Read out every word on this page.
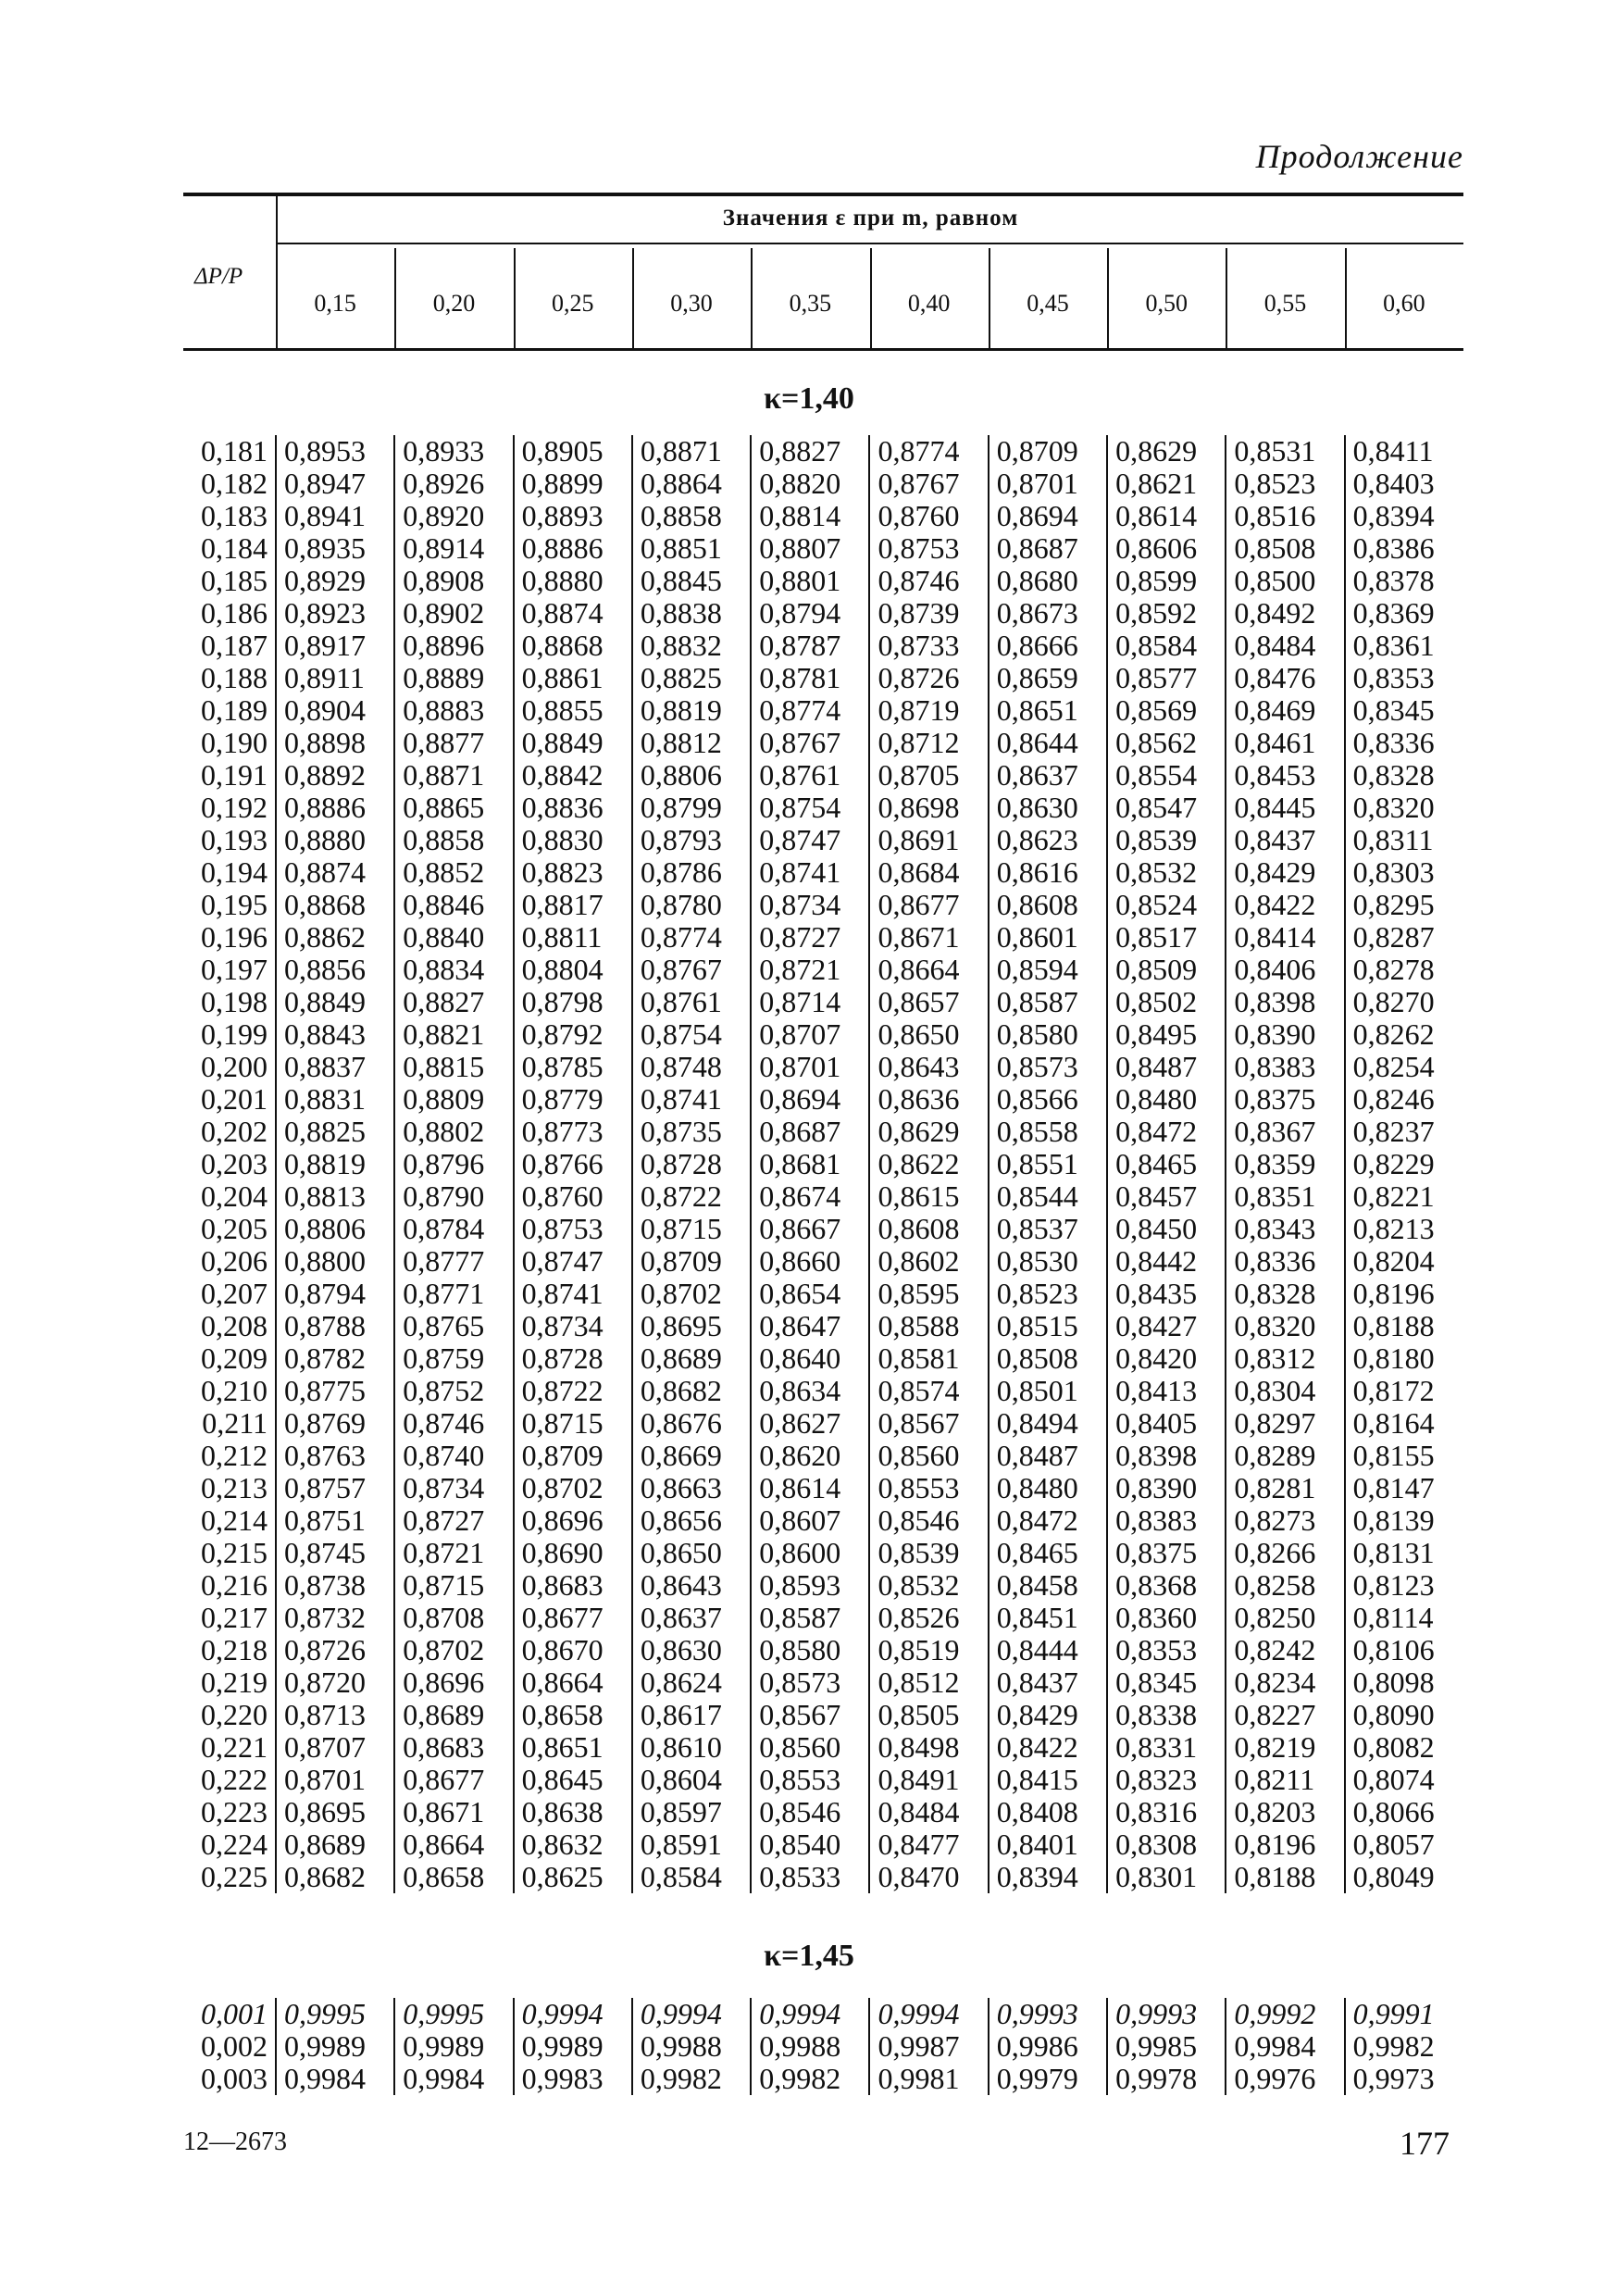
Продолжение
Значения ε при m, равном
ΔP/P
0,15	0,20	0,25	0,30	0,35	0,40	0,45	0,50	0,55	0,60
κ=1,40
0,181	0,8953	0,8933	0,8905	0,8871	0,8827	0,8774	0,8709	0,8629	0,8531	0,8411
0,182	0,8947	0,8926	0,8899	0,8864	0,8820	0,8767	0,8701	0,8621	0,8523	0,8403
0,183	0,8941	0,8920	0,8893	0,8858	0,8814	0,8760	0,8694	0,8614	0,8516	0,8394
0,184	0,8935	0,8914	0,8886	0,8851	0,8807	0,8753	0,8687	0,8606	0,8508	0,8386
0,185	0,8929	0,8908	0,8880	0,8845	0,8801	0,8746	0,8680	0,8599	0,8500	0,8378
0,186	0,8923	0,8902	0,8874	0,8838	0,8794	0,8739	0,8673	0,8592	0,8492	0,8369
0,187	0,8917	0,8896	0,8868	0,8832	0,8787	0,8733	0,8666	0,8584	0,8484	0,8361
0,188	0,8911	0,8889	0,8861	0,8825	0,8781	0,8726	0,8659	0,8577	0,8476	0,8353
0,189	0,8904	0,8883	0,8855	0,8819	0,8774	0,8719	0,8651	0,8569	0,8469	0,8345
0,190	0,8898	0,8877	0,8849	0,8812	0,8767	0,8712	0,8644	0,8562	0,8461	0,8336
0,191	0,8892	0,8871	0,8842	0,8806	0,8761	0,8705	0,8637	0,8554	0,8453	0,8328
0,192	0,8886	0,8865	0,8836	0,8799	0,8754	0,8698	0,8630	0,8547	0,8445	0,8320
0,193	0,8880	0,8858	0,8830	0,8793	0,8747	0,8691	0,8623	0,8539	0,8437	0,8311
0,194	0,8874	0,8852	0,8823	0,8786	0,8741	0,8684	0,8616	0,8532	0,8429	0,8303
0,195	0,8868	0,8846	0,8817	0,8780	0,8734	0,8677	0,8608	0,8524	0,8422	0,8295
0,196	0,8862	0,8840	0,8811	0,8774	0,8727	0,8671	0,8601	0,8517	0,8414	0,8287
0,197	0,8856	0,8834	0,8804	0,8767	0,8721	0,8664	0,8594	0,8509	0,8406	0,8278
0,198	0,8849	0,8827	0,8798	0,8761	0,8714	0,8657	0,8587	0,8502	0,8398	0,8270
0,199	0,8843	0,8821	0,8792	0,8754	0,8707	0,8650	0,8580	0,8495	0,8390	0,8262
0,200	0,8837	0,8815	0,8785	0,8748	0,8701	0,8643	0,8573	0,8487	0,8383	0,8254
0,201	0,8831	0,8809	0,8779	0,8741	0,8694	0,8636	0,8566	0,8480	0,8375	0,8246
0,202	0,8825	0,8802	0,8773	0,8735	0,8687	0,8629	0,8558	0,8472	0,8367	0,8237
0,203	0,8819	0,8796	0,8766	0,8728	0,8681	0,8622	0,8551	0,8465	0,8359	0,8229
0,204	0,8813	0,8790	0,8760	0,8722	0,8674	0,8615	0,8544	0,8457	0,8351	0,8221
0,205	0,8806	0,8784	0,8753	0,8715	0,8667	0,8608	0,8537	0,8450	0,8343	0,8213
0,206	0,8800	0,8777	0,8747	0,8709	0,8660	0,8602	0,8530	0,8442	0,8336	0,8204
0,207	0,8794	0,8771	0,8741	0,8702	0,8654	0,8595	0,8523	0,8435	0,8328	0,8196
0,208	0,8788	0,8765	0,8734	0,8695	0,8647	0,8588	0,8515	0,8427	0,8320	0,8188
0,209	0,8782	0,8759	0,8728	0,8689	0,8640	0,8581	0,8508	0,8420	0,8312	0,8180
0,210	0,8775	0,8752	0,8722	0,8682	0,8634	0,8574	0,8501	0,8413	0,8304	0,8172
0,211	0,8769	0,8746	0,8715	0,8676	0,8627	0,8567	0,8494	0,8405	0,8297	0,8164
0,212	0,8763	0,8740	0,8709	0,8669	0,8620	0,8560	0,8487	0,8398	0,8289	0,8155
0,213	0,8757	0,8734	0,8702	0,8663	0,8614	0,8553	0,8480	0,8390	0,8281	0,8147
0,214	0,8751	0,8727	0,8696	0,8656	0,8607	0,8546	0,8472	0,8383	0,8273	0,8139
0,215	0,8745	0,8721	0,8690	0,8650	0,8600	0,8539	0,8465	0,8375	0,8266	0,8131
0,216	0,8738	0,8715	0,8683	0,8643	0,8593	0,8532	0,8458	0,8368	0,8258	0,8123
0,217	0,8732	0,8708	0,8677	0,8637	0,8587	0,8526	0,8451	0,8360	0,8250	0,8114
0,218	0,8726	0,8702	0,8670	0,8630	0,8580	0,8519	0,8444	0,8353	0,8242	0,8106
0,219	0,8720	0,8696	0,8664	0,8624	0,8573	0,8512	0,8437	0,8345	0,8234	0,8098
0,220	0,8713	0,8689	0,8658	0,8617	0,8567	0,8505	0,8429	0,8338	0,8227	0,8090
0,221	0,8707	0,8683	0,8651	0,8610	0,8560	0,8498	0,8422	0,8331	0,8219	0,8082
0,222	0,8701	0,8677	0,8645	0,8604	0,8553	0,8491	0,8415	0,8323	0,8211	0,8074
0,223	0,8695	0,8671	0,8638	0,8597	0,8546	0,8484	0,8408	0,8316	0,8203	0,8066
0,224	0,8689	0,8664	0,8632	0,8591	0,8540	0,8477	0,8401	0,8308	0,8196	0,8057
0,225	0,8682	0,8658	0,8625	0,8584	0,8533	0,8470	0,8394	0,8301	0,8188	0,8049
κ=1,45
0,001	0,9995	0,9995	0,9994	0,9994	0,9994	0,9994	0,9993	0,9993	0,9992	0,9991
0,002	0,9989	0,9989	0,9989	0,9988	0,9988	0,9987	0,9986	0,9985	0,9984	0,9982
0,003	0,9984	0,9984	0,9983	0,9982	0,9982	0,9981	0,9979	0,9978	0,9976	0,9973
12—2673	177
